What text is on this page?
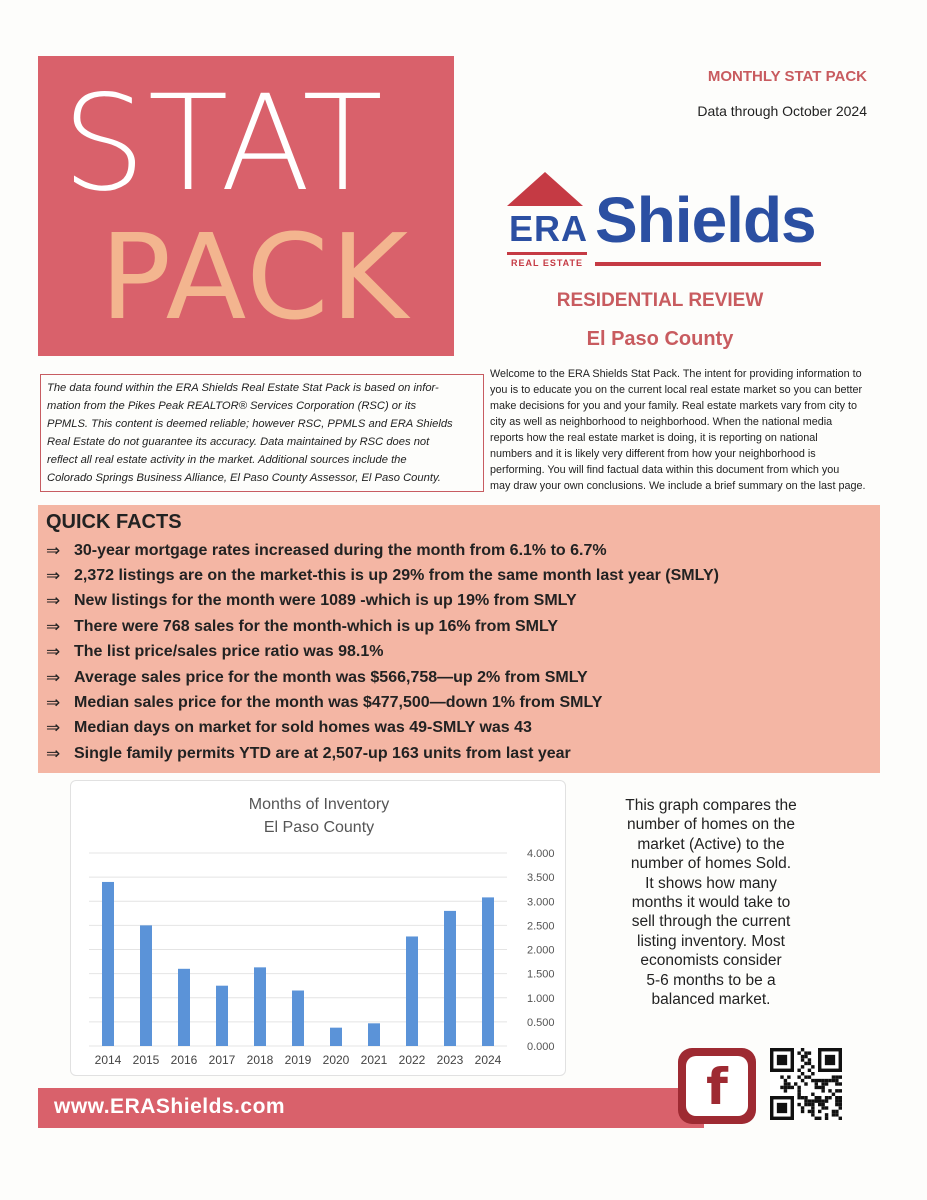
STAT
PACK
MONTHLY STAT PACK
Data through October 2024
ERA
REAL ESTATE
Shields
RESIDENTIAL REVIEW
El Paso County
The data found within the ERA Shields Real Estate Stat Pack is based on infor-
mation from the Pikes Peak REALTOR® Services Corporation (RSC) or its
PPMLS. This content is deemed reliable; however RSC, PPMLS and ERA Shields
Real Estate do not guarantee its accuracy. Data maintained by RSC does not
reflect all real estate activity in the market. Additional sources include the
Colorado Springs Business Alliance, El Paso County Assessor, El Paso County.
Welcome to the ERA Shields Stat Pack. The intent for providing information to
you is to educate you on the current local real estate market so you can better
make decisions for you and your family. Real estate markets vary from city to
city as well as neighborhood to neighborhood. When the national media
reports how the real estate market is doing, it is reporting on national
numbers and it is likely very different from how your neighborhood is
performing. You will find factual data within this document from which you
may draw your own conclusions. We include a brief summary on the last page.
QUICK FACTS
⇒ 30-year mortgage rates increased during the month from 6.1% to 6.7%
⇒ 2,372 listings are on the market-this is up 29% from the same month last year (SMLY)
⇒ New listings for the month were 1089 -which is up 19% from SMLY
⇒ There were 768 sales for the month-which is up 16% from SMLY
⇒ The list price/sales price ratio was 98.1%
⇒ Average sales price for the month was $566,758—up 2% from SMLY
⇒ Median sales price for the month was $477,500—down 1% from SMLY
⇒ Median days on market for sold homes was 49-SMLY was 43
⇒ Single family permits YTD are at 2,507-up 163 units from last year
Months of Inventory
El Paso County
0.000
0.500
1.000
1.500
2.000
2.500
3.000
3.500
4.000
2014 2015 2016 2017 2018 2019 2020 2021 2022 2023 2024
This graph compares the
number of homes on the
market (Active) to the
number of homes Sold.
It shows how many
months it would take to
sell through the current
listing inventory. Most
economists consider
5-6 months to be a
balanced market.
www.ERAShields.com	f
